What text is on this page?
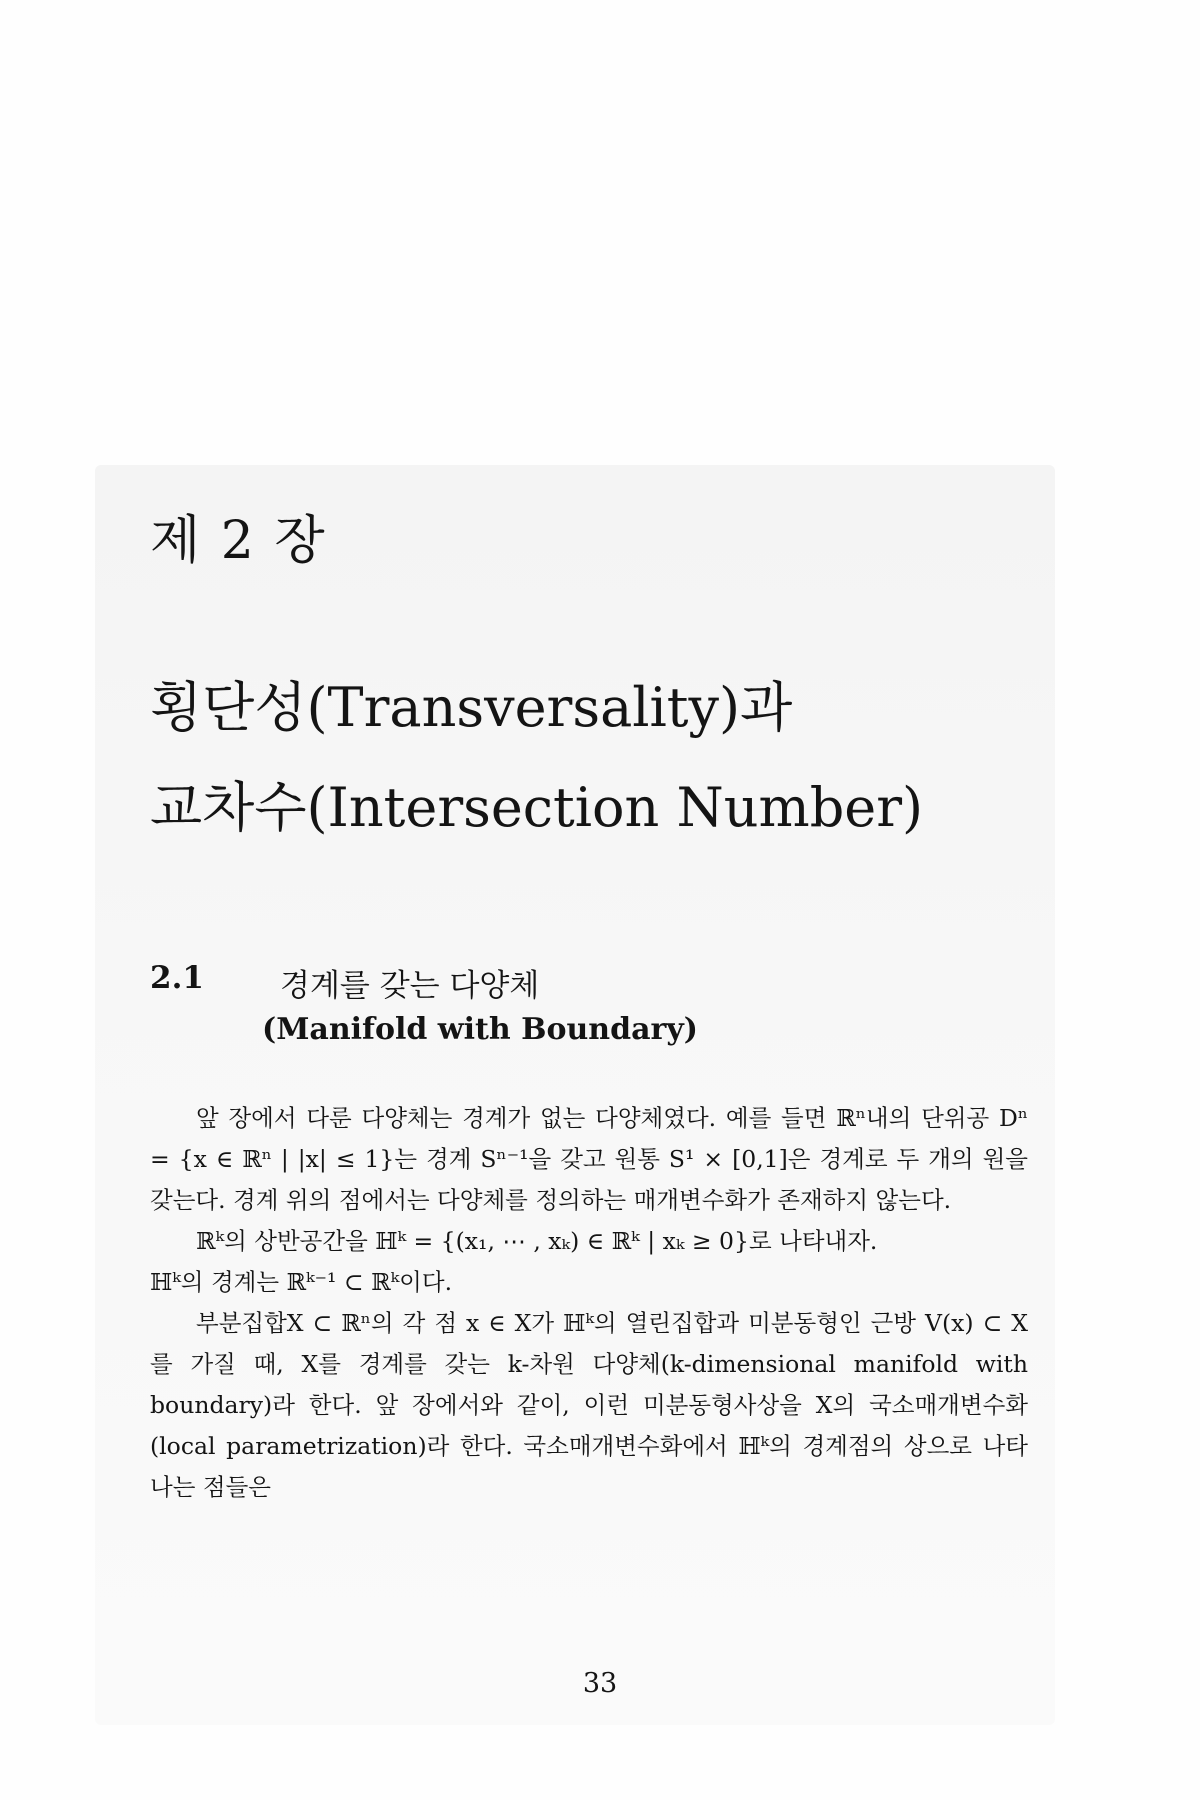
제 2 장
횡단성(Transversality)과
교차수(Intersection Number)
2.1 경계를 갖는 다양체
(Manifold with Boundary)

앞 장에서 다룬 다양체는 경계가 없는 다양체였다. 예를 들면 ℝⁿ내의 단위공 Dⁿ = {x ∈ ℝⁿ | |x| ≤ 1}는 경계 Sⁿ⁻¹을 갖고 원통 S¹ × [0,1]은 경계로 두 개의 원을 갖는다. 경계 위의 점에서는 다양체를 정의하는 매개변수화가 존재하지 않는다.

ℝᵏ의 상반공간을 ℍᵏ = {(x₁, ⋯ , xₖ) ∈ ℝᵏ | xₖ ≥ 0}로 나타내자.

ℍᵏ의 경계는 ℝᵏ⁻¹ ⊂ ℝᵏ이다.

부분집합X ⊂ ℝⁿ의 각 점 x ∈ X가 ℍᵏ의 열린집합과 미분동형인 근방 V(x) ⊂ X를 가질 때, X를 경계를 갖는 k-차원 다양체(k-dimensional manifold with boundary)라 한다. 앞 장에서와 같이, 이런 미분동형사상을 X의 국소매개변수화(local parametrization)라 한다. 국소매개변수화에서 ℍᵏ의 경계점의 상으로 나타나는 점들은

33
